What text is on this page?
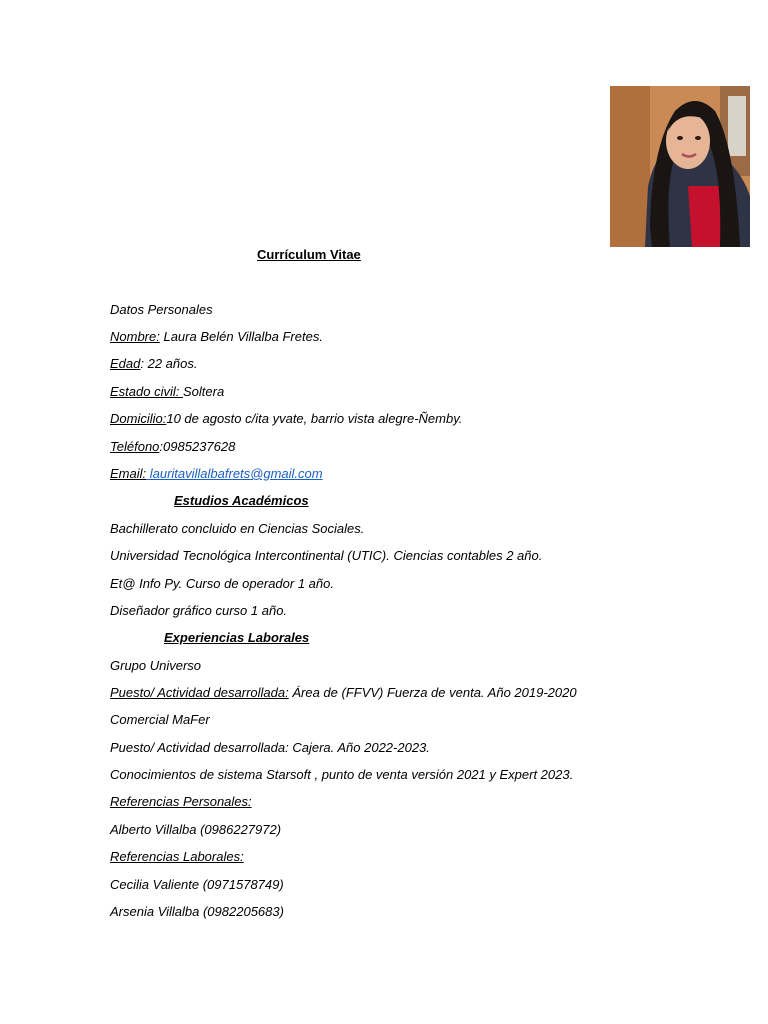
Currículum Vitae
Datos Personales
Nombre: Laura Belén Villalba Fretes.
Edad: 22 años.
Estado civil: Soltera
Domicilio:10 de agosto c/ita yvate, barrio vista alegre-Ñemby.
Teléfono:0985237628
Email: lauritavillalbafrets@gmail.com
Estudios Académicos
Bachillerato concluido en Ciencias Sociales.
Universidad Tecnológica Intercontinental (UTIC). Ciencias contables 2 año.
Et@ Info Py. Curso de operador 1 año.
Diseñador gráfico curso 1 año.
Experiencias Laborales
Grupo Universo
Puesto/ Actividad desarrollada: Área de (FFVV) Fuerza de venta. Año 2019-2020
Comercial MaFer
Puesto/ Actividad desarrollada: Cajera. Año 2022-2023.
Conocimientos de sistema Starsoft , punto de venta versión 2021 y Expert 2023.
Referencias Personales:
Alberto Villalba (0986227972)
Referencias Laborales:
Cecilia Valiente (0971578749)
Arsenia Villalba (0982205683)
